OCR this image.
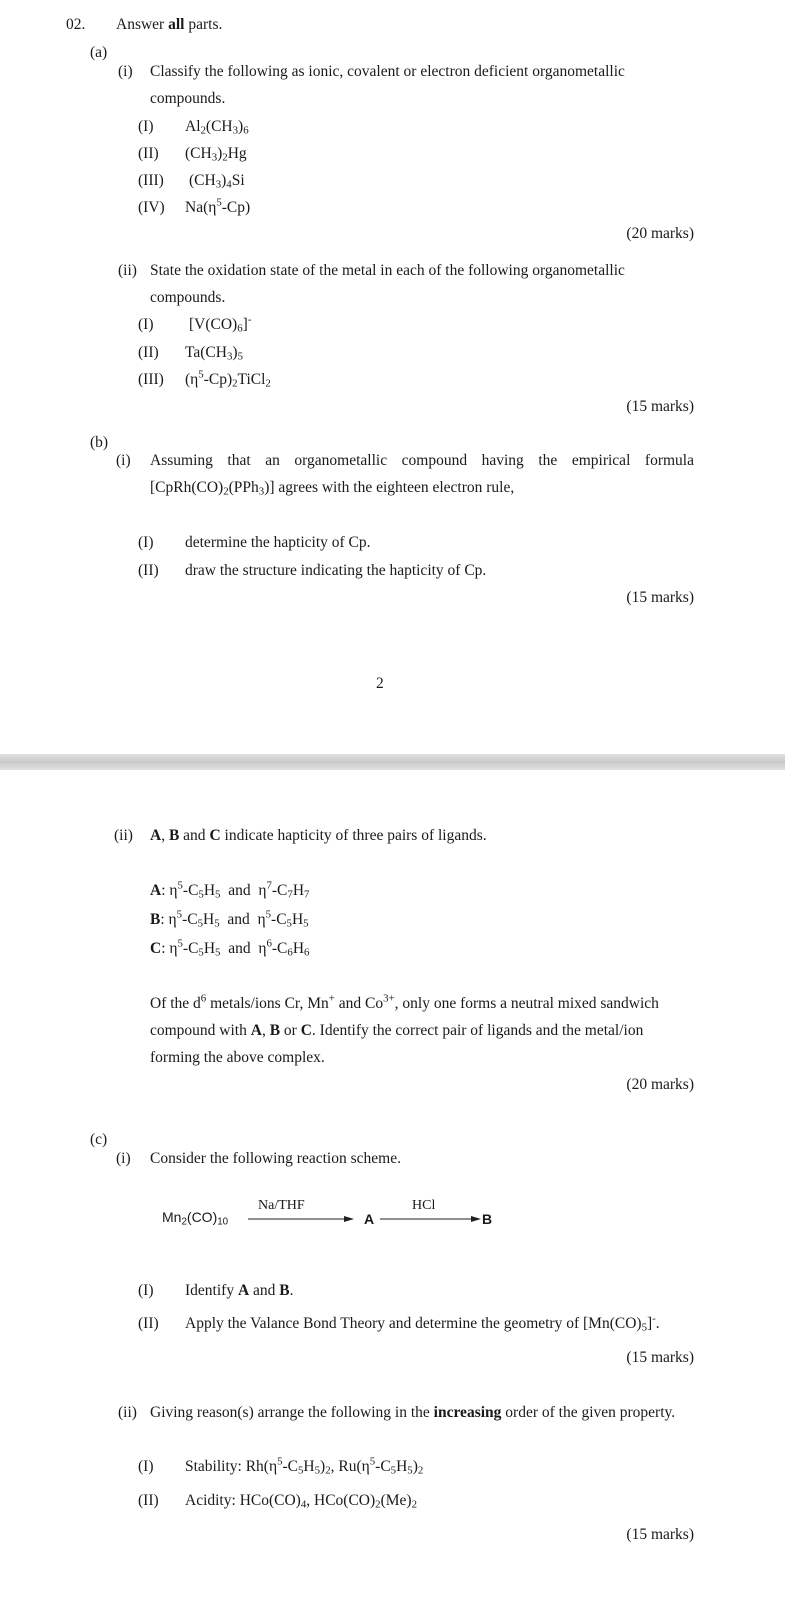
02. Answer all parts.
(a)
(i) Classify the following as ionic, covalent or electron deficient organometallic
compounds.
(I) $Al_2(CH_3)_6$
(II) $(CH_3)_2Hg$
(III) $(CH_3)_4Si$
(IV) $Na(\eta^5-Cp)$
(20 marks)
(ii) State the oxidation state of the metal in each of the following organometallic
compounds.
(I) $[V(CO)_6]^-$
(II) $Ta(CH_3)_5$
(III) $(\eta^5-Cp)_2TiCl_2$
(15 marks)
(b)
(i) Assuming that an organometallic compound having the empirical formula
$[CpRh(CO)_2(PPh_3)]$ agrees with the eighteen electron rule,
(I) determine the hapticity of Cp.
(II) draw the structure indicating the hapticity of Cp.
(15 marks)
2
(ii) A, B and C indicate hapticity of three pairs of ligands.
A: $\eta^5-C_5H_5$ and  $\eta^7-C_7H_7$
B: $\eta^5-C_5H_5$ and  $\eta^5-C_5H_5$
C: $\eta^5-C_5H_5$ and  $\eta^6-C_6H_6$
Of the $d^6$ metals/ions Cr, Mn+ and $Co^{3+}$, only one forms a neutral mixed sandwich
compound with A, B or C. Identify the correct pair of ligands and the metal/ion
forming the above complex.
(20 marks)
(c)
(i) Consider the following reaction scheme.
$Mn_2(CO)_{10}$
Na/THF
A
HCl
B
(I) Identify A and B.
(II) Apply the Valance Bond Theory and determine the geometry of $[Mn(CO)_5]^-$.
(15 marks)
(ii) Giving reason(s) arrange the following in the increasing order of the given property.
(I) Stability: $Rh(\eta^5-C_5H_5)_2$, $Ru(\eta^5-C_5H_5)_2$
(II) Acidity: $HCo(CO)_4$, $HCo(CO)_2(Me)_2$
(15 marks)
